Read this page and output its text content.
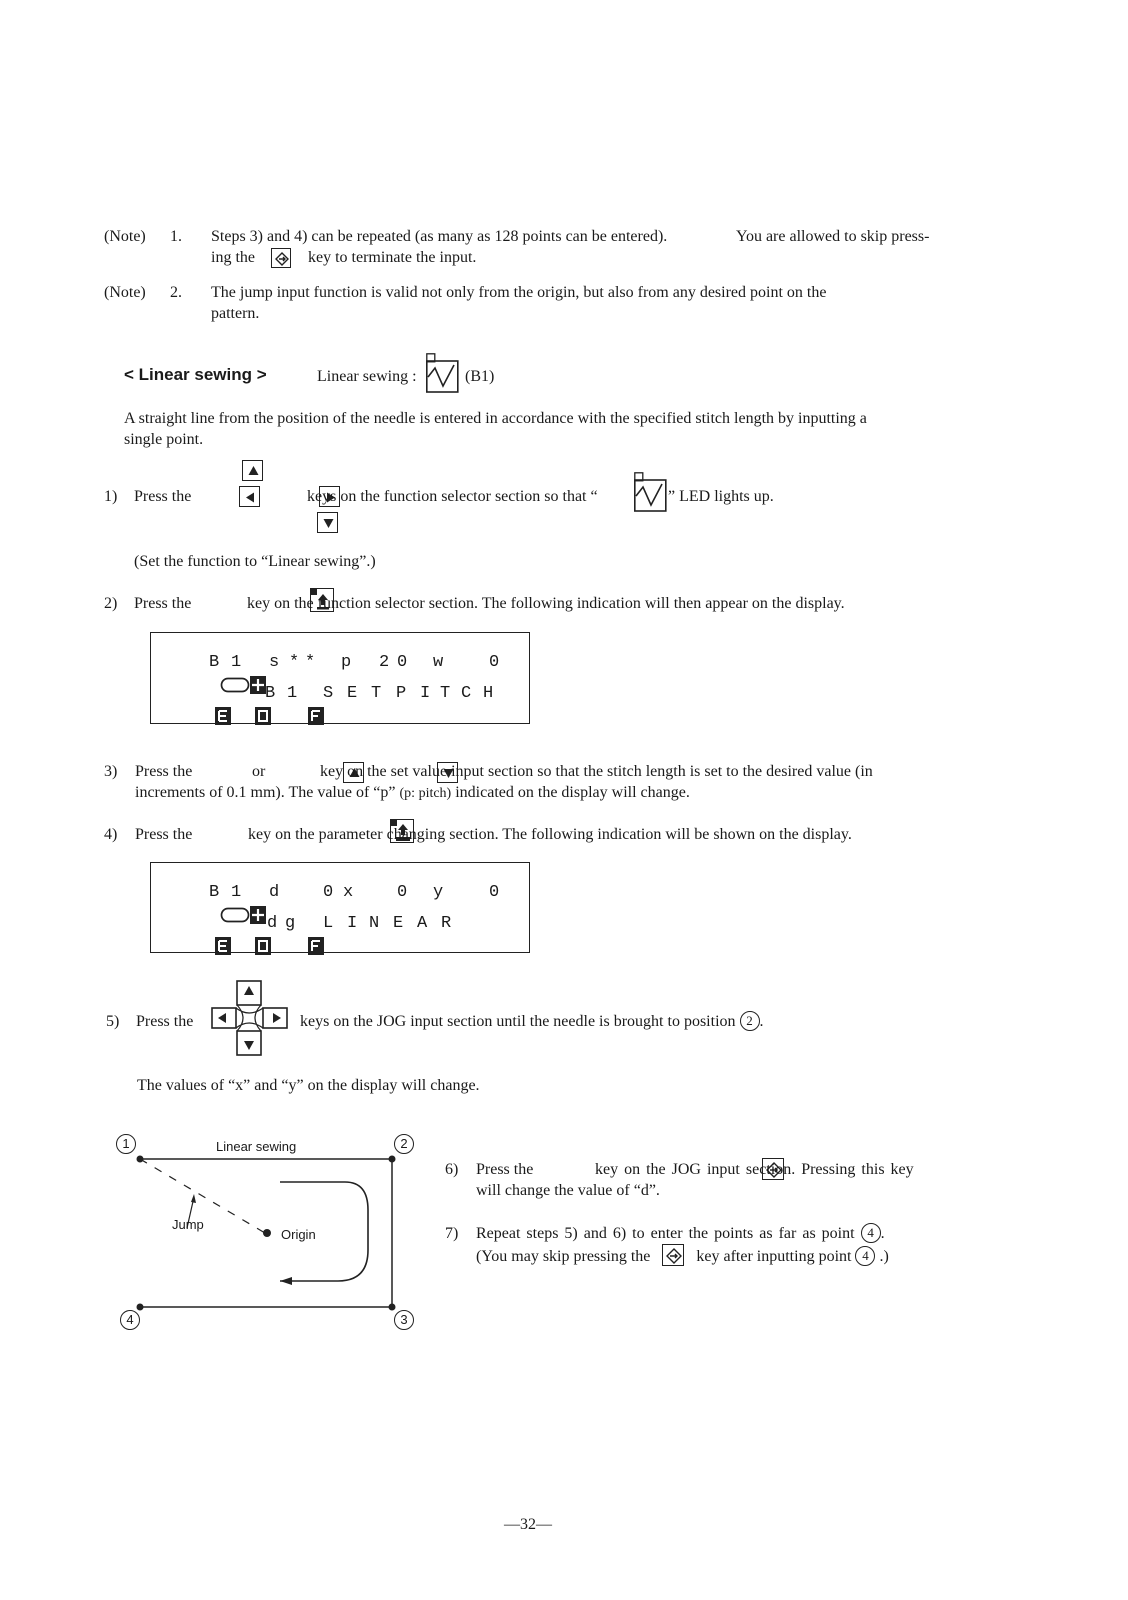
(Note) 1. Steps 3) and 4) can be repeated (as many as 128 points can be entered).	You are allowed to skip press-
ing the	key to terminate the input.
(Note) 2. The jump input function is valid not only from the origin, but also from any desired point on the
pattern.
< Linear sewing >	Linear sewing :	(B1)
A straight line from the position of the needle is entered in accordance with the specified stitch length by inputting a
single point.
1) Press the

	keys on the function selector section so that “	” LED lights up.
(Set the function to “Linear sewing”.)
2) Press the
	key on the function selector section. The following indication will then appear on the display.

B

1

s

*

*

p

2

0

w

	0

B

1

S

E

T

P

I

T

C

H

3) Press the
	or
	key on the set value input section so that the stitch length is set to the desired value (in
increments of 0.1 mm). The value of “p” (p: pitch) indicated on the display will change.
4) Press the
	key on the parameter changing section. The following indication will be shown on the display.

B

1

d

	0

x

	0

y

	0

d

g

L

I

N

E

A

R

5) Press the	keys on the JOG input section until the needle is brought to position 2 .
The values of “x” and “y” on the display will change.
1	2
3
4
Linear sewing
Jump
Origin
6) Press the	key on the JOG input section. Pressing this key
will change the value of “d”.
7) Repeat steps 5) and 6) to enter the points as far as point 4 .
(You may skip pressing the	key after inputting point 4 .)
—32—
